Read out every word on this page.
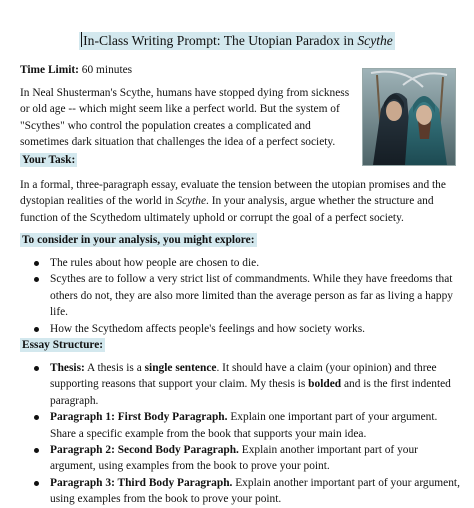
In-Class Writing Prompt: The Utopian Paradox in Scythe

Time Limit: 60 minutes

In Neal Shusterman's Scythe, humans have stopped dying from sickness or old age -- which might seem like a perfect world. But the system of "Scythes" who control the population creates a complicated and sometimes dark situation that challenges the idea of a perfect society.

Your Task:

In a formal, three-paragraph essay, evaluate the tension between the utopian promises and the dystopian realities of the world in Scythe. In your analysis, argue whether the structure and function of the Scythedom ultimately uphold or corrupt the goal of a perfect society.

To consider in your analysis, you might explore:

The rules about how people are chosen to die.
Scythes are to follow a very strict list of commandments. While they have freedoms that others do not, they are also more limited than the average person as far as living a happy life.
How the Scythedom affects people's feelings and how society works.

Essay Structure:

Thesis: A thesis is a single sentence. It should have a claim (your opinion) and three supporting reasons that support your claim. My thesis is bolded and is the first indented paragraph.
Paragraph 1: First Body Paragraph. Explain one important part of your argument. Share a specific example from the book that supports your main idea.
Paragraph 2: Second Body Paragraph. Explain another important part of your argument, using examples from the book to prove your point.
Paragraph 3: Third Body Paragraph. Explain another important part of your argument, using examples from the book to prove your point.
